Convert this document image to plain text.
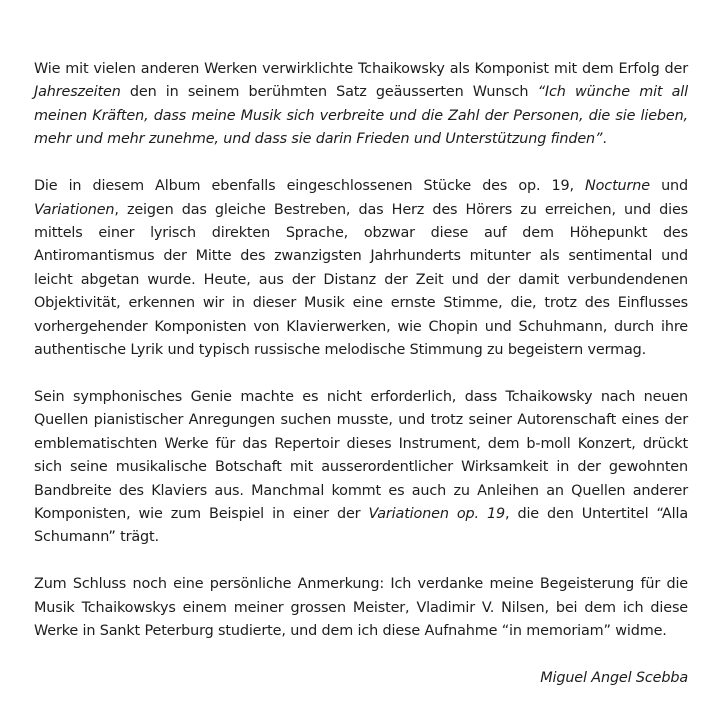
Wie mit vielen anderen Werken verwirklichte Tchaikowsky als Komponist mit dem Erfolg der Jahreszeiten den in seinem berühmten Satz geäusserten Wunsch “Ich wünche mit all meinen Kräften, dass meine Musik sich verbreite und die Zahl der Personen, die sie lieben, mehr und mehr zunehme, und dass sie darin Frieden und Unterstützung finden”.

Die in diesem Album ebenfalls eingeschlossenen Stücke des op. 19, Nocturne und Variationen, zeigen das gleiche Bestreben, das Herz des Hörers zu erreichen, und dies mittels einer lyrisch direkten Sprache, obzwar diese auf dem Höhepunkt des Antiromantismus der Mitte des zwanzigsten Jahrhunderts mitunter als sentimental und leicht abgetan wurde. Heute, aus der Distanz der Zeit und der damit verbundendenen Objektivität, erkennen wir in dieser Musik eine ernste Stimme, die, trotz des Einflusses vorhergehender Komponisten von Klavierwerken, wie Chopin und Schuhmann, durch ihre authentische Lyrik und typisch russische melodische Stimmung zu begeistern vermag.

Sein symphonisches Genie machte es nicht erforderlich, dass Tchaikowsky nach neuen Quellen pianistischer Anregungen suchen musste, und trotz seiner Autorenschaft eines der emblematischten Werke für das Repertoir dieses Instrument, dem b-moll Konzert, drückt sich seine musikalische Botschaft mit ausserordentlicher Wirksamkeit in der gewohnten Bandbreite des Klaviers aus. Manchmal kommt es auch zu Anleihen an Quellen anderer Komponisten, wie zum Beispiel in einer der Variationen op. 19, die den Untertitel “Alla Schumann” trägt.

Zum Schluss noch eine persönliche Anmerkung: Ich verdanke meine Begeisterung für die Musik Tchaikowskys einem meiner grossen Meister, Vladimir V. Nilsen, bei dem ich diese Werke in Sankt Peterburg studierte, und dem ich diese Aufnahme “in memoriam” widme.

Miguel Angel Scebba
